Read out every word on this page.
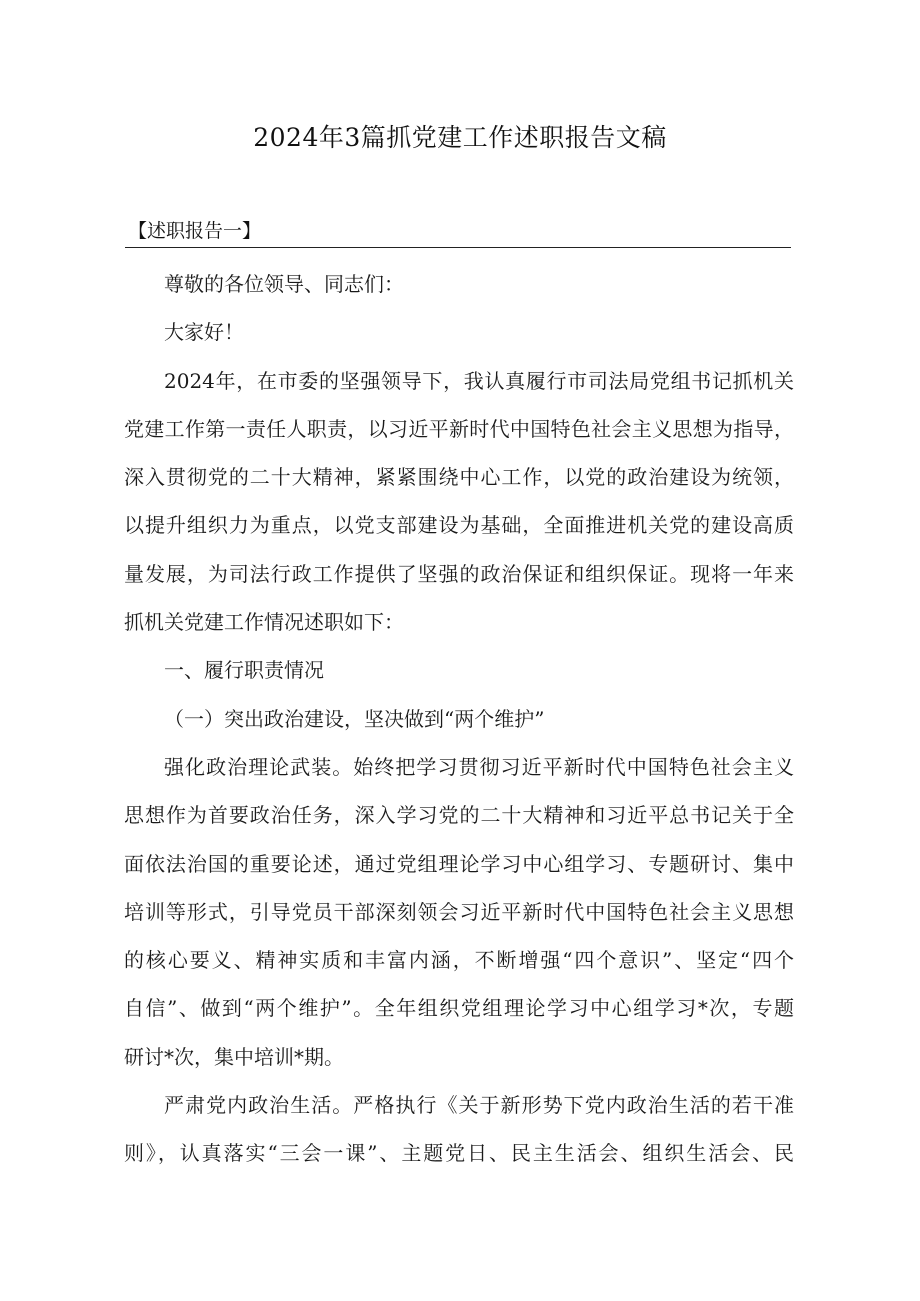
2024年3篇抓党建工作述职报告文稿
【述职报告一】
尊敬的各位领导、同志们：
大家好！
2024年，在市委的坚强领导下，我认真履行市司法局党组书记抓机关
党建工作第一责任人职责，以习近平新时代中国特色社会主义思想为指导，
深入贯彻党的二十大精神，紧紧围绕中心工作，以党的政治建设为统领，
以提升组织力为重点，以党支部建设为基础，全面推进机关党的建设高质
量发展，为司法行政工作提供了坚强的政治保证和组织保证。现将一年来
抓机关党建工作情况述职如下：
一、履行职责情况
（一）突出政治建设，坚决做到“两个维护”
强化政治理论武装。始终把学习贯彻习近平新时代中国特色社会主义
思想作为首要政治任务，深入学习党的二十大精神和习近平总书记关于全
面依法治国的重要论述，通过党组理论学习中心组学习、专题研讨、集中
培训等形式，引导党员干部深刻领会习近平新时代中国特色社会主义思想
的核心要义、精神实质和丰富内涵，不断增强“四个意识”、坚定“四个
自信”、做到“两个维护”。全年组织党组理论学习中心组学习*次，专题
研讨*次，集中培训*期。
严肃党内政治生活。严格执行《关于新形势下党内政治生活的若干准
则》，认真落实“三会一课”、主题党日、民主生活会、组织生活会、民
